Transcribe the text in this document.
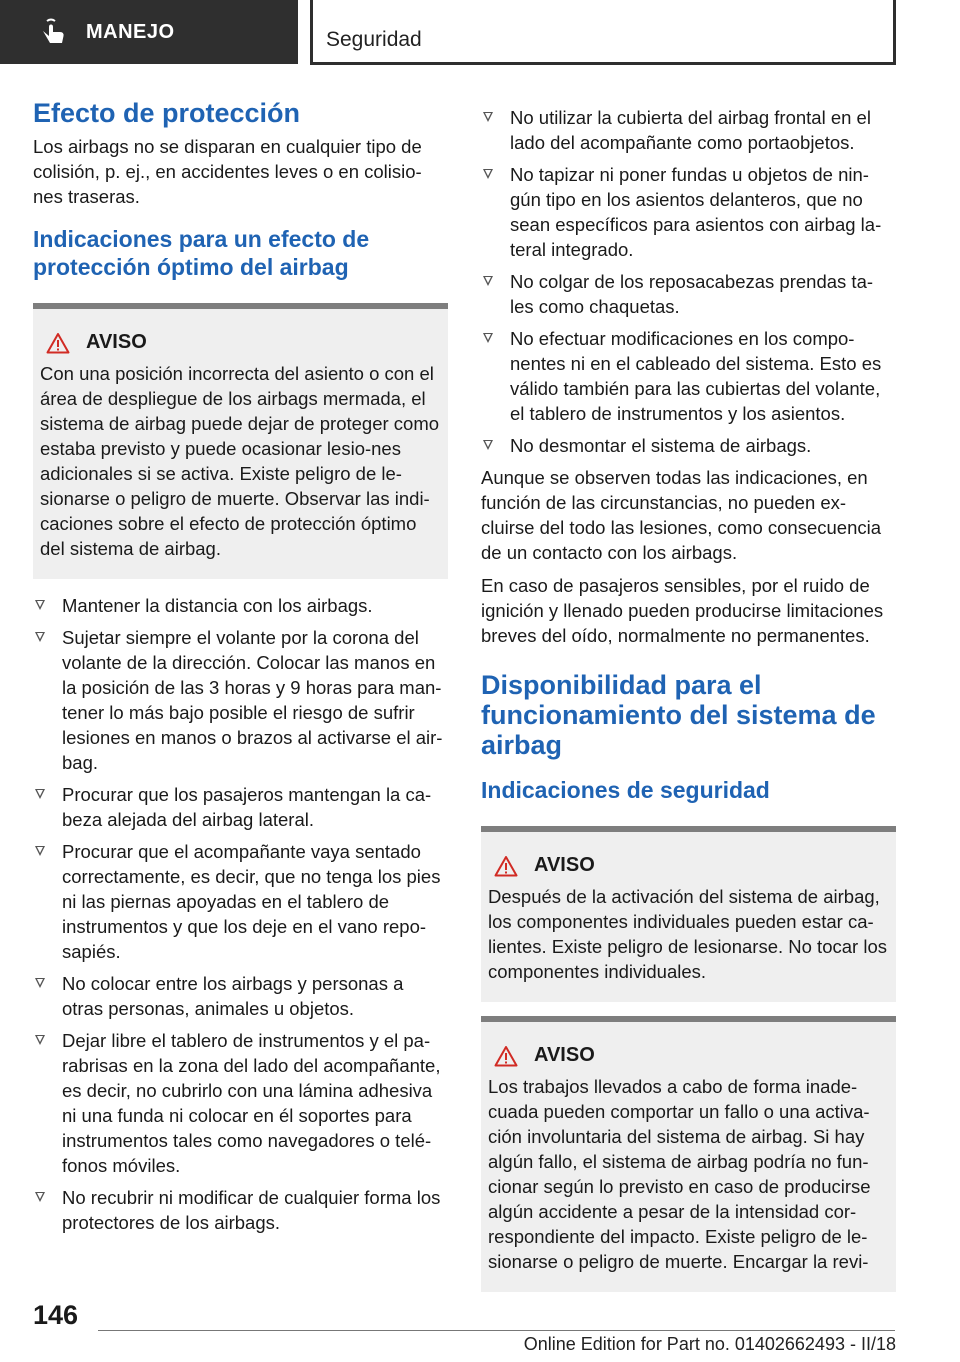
MANEJO	Seguridad
Efecto de protección

Los airbags no se disparan en cualquier tipo de colisión, p. ej., en accidentes leves o en colisio-nes traseras.

Indicaciones para un efecto de protección óptimo del airbag
AVISO
Con una posición incorrecta del asiento o con el área de despliegue de los airbags mermada, el sistema de airbag puede dejar de proteger como estaba previsto y puede ocasionar lesio-nes adicionales si se activa. Existe peligro de le-sionarse o peligro de muerte. Observar las indi-caciones sobre el efecto de protección óptimo del sistema de airbag.
Mantener la distancia con los airbags.
Sujetar siempre el volante por la corona del volante de la dirección. Colocar las manos en la posición de las 3 horas y 9 horas para man-tener lo más bajo posible el riesgo de sufrir lesiones en manos o brazos al activarse el air-bag.
Procurar que los pasajeros mantengan la ca-beza alejada del airbag lateral.
Procurar que el acompañante vaya sentado correctamente, es decir, que no tenga los pies ni las piernas apoyadas en el tablero de instrumentos y que los deje en el vano repo-sapiés.
No colocar entre los airbags y personas a otras personas, animales u objetos.
Dejar libre el tablero de instrumentos y el pa-rabrisas en la zona del lado del acompañante, es decir, no cubrirlo con una lámina adhesiva ni una funda ni colocar en él soportes para instrumentos tales como navegadores o telé-fonos móviles.
No recubrir ni modificar de cualquier forma los protectores de los airbags.
No utilizar la cubierta del airbag frontal en el lado del acompañante como portaobjetos.
No tapizar ni poner fundas u objetos de nin-gún tipo en los asientos delanteros, que no sean específicos para asientos con airbag la-teral integrado.
No colgar de los reposacabezas prendas ta-les como chaquetas.
No efectuar modificaciones en los compo-nentes ni en el cableado del sistema. Esto es válido también para las cubiertas del volante, el tablero de instrumentos y los asientos.
No desmontar el sistema de airbags.

Aunque se observen todas las indicaciones, en función de las circunstancias, no pueden ex-cluirse del todo las lesiones, como consecuencia de un contacto con los airbags.

En caso de pasajeros sensibles, por el ruido de ignición y llenado pueden producirse limitaciones breves del oído, normalmente no permanentes.

Disponibilidad para el funcionamiento del sistema de airbag
Indicaciones de seguridad
AVISO
Después de la activación del sistema de airbag, los componentes individuales pueden estar ca-lientes. Existe peligro de lesionarse. No tocar los componentes individuales.
AVISO
Los trabajos llevados a cabo de forma inade-cuada pueden comportar un fallo o una activa-ción involuntaria del sistema de airbag. Si hay algún fallo, el sistema de airbag podría no fun-cionar según lo previsto en caso de producirse algún accidente a pesar de la intensidad cor-respondiente del impacto. Existe peligro de le-sionarse o peligro de muerte. Encargar la revi-
146
Online Edition for Part no. 01402662493 - II/18
